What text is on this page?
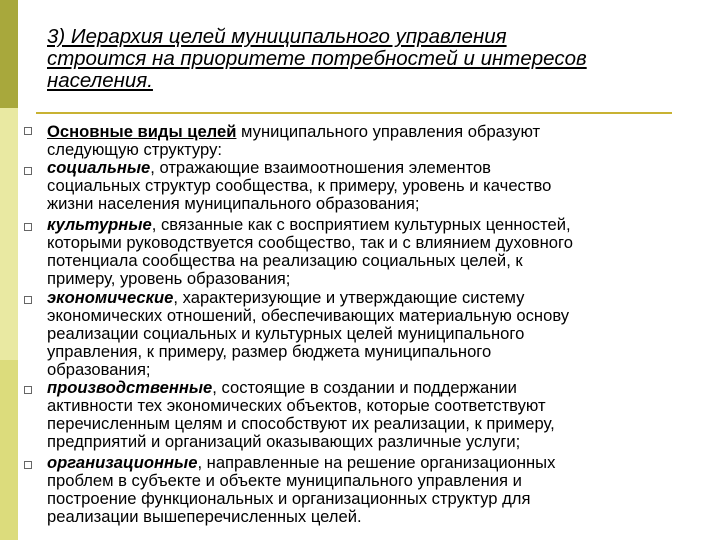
3) Иерархия целей муниципального управления
строится на приоритете потребностей и интересов
населения.
Основные виды целей муниципального управления образуют
следующую структуру:
социальные, отражающие взаимоотношения элементов
социальных структур сообщества, к примеру, уровень и качество
жизни населения муниципального образования;
культурные, связанные как с восприятием культурных ценностей,
которыми руководствуется сообщество, так и с влиянием духовного
потенциала сообщества на реализацию социальных целей, к
примеру, уровень образования;
экономические, характеризующие и утверждающие систему
экономических отношений, обеспечивающих материальную основу
реализации социальных и культурных целей муниципального
управления, к примеру, размер бюджета муниципального
образования;
производственные, состоящие в создании и поддержании
активности тех экономических объектов, которые соответствуют
перечисленным целям и способствуют их реализации, к примеру,
предприятий и организаций оказывающих различные услуги;
организационные, направленные на решение организационных
проблем в субъекте и объекте муниципального управления и
построение функциональных и организационных структур для
реализации вышеперечисленных целей.
